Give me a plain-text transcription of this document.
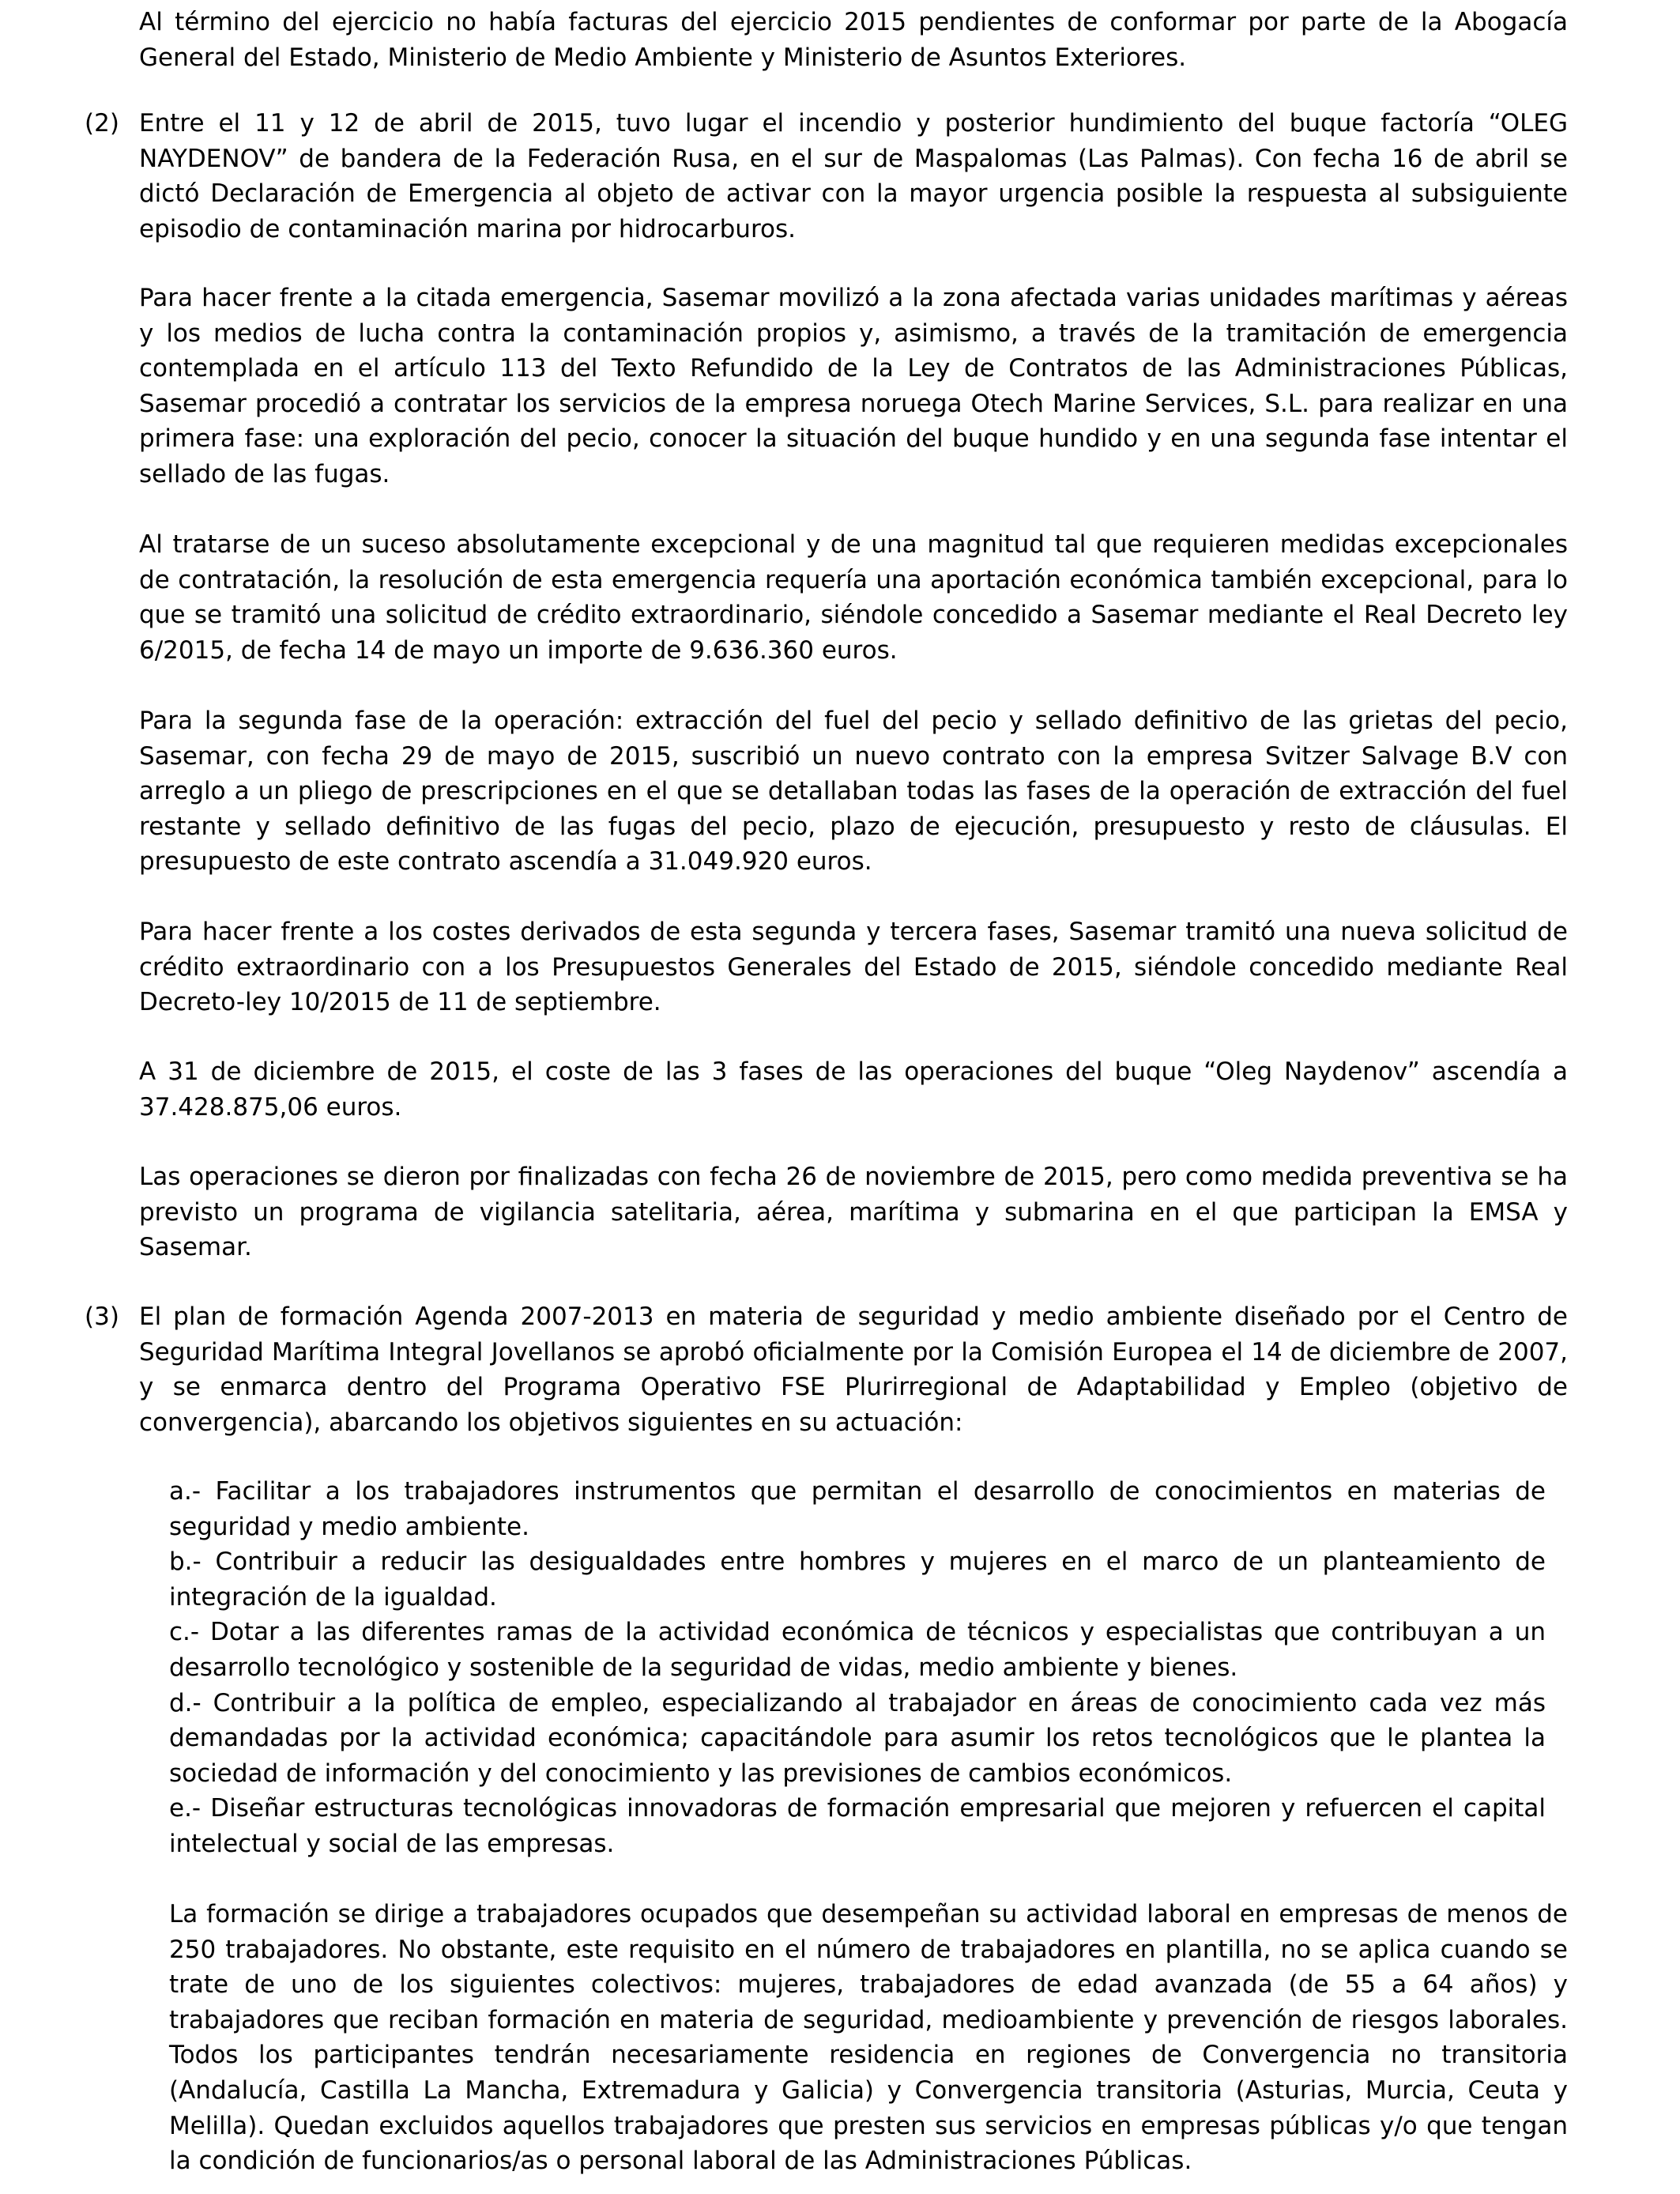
Al término del ejercicio no había facturas del ejercicio 2015 pendientes de conformar por parte de la Abogacía General del Estado, Ministerio de Medio Ambiente y Ministerio de Asuntos Exteriores.

(2) Entre el 11 y 12 de abril de 2015, tuvo lugar el incendio y posterior hundimiento del buque factoría “OLEG NAYDENOV” de bandera de la Federación Rusa, en el sur de Maspalomas (Las Palmas). Con fecha 16 de abril se dictó Declaración de Emergencia al objeto de activar con la mayor urgencia posible la respuesta al subsiguiente episodio de contaminación marina por hidrocarburos.

Para hacer frente a la citada emergencia, Sasemar movilizó a la zona afectada varias unidades marítimas y aéreas y los medios de lucha contra la contaminación propios y, asimismo, a través de la tramitación de emergencia contemplada en el artículo 113 del Texto Refundido de la Ley de Contratos de las Administraciones Públicas, Sasemar procedió a contratar los servicios de la empresa noruega Otech Marine Services, S.L. para realizar en una primera fase: una exploración del pecio, conocer la situación del buque hundido y en una segunda fase intentar el sellado de las fugas.

Al tratarse de un suceso absolutamente excepcional y de una magnitud tal que requieren medidas excepcionales de contratación, la resolución de esta emergencia requería una aportación económica también excepcional, para lo que se tramitó una solicitud de crédito extraordinario, siéndole concedido a Sasemar mediante el Real Decreto ley 6/2015, de fecha 14 de mayo un importe de 9.636.360 euros.

Para la segunda fase de la operación: extracción del fuel del pecio y sellado definitivo de las grietas del pecio, Sasemar, con fecha 29 de mayo de 2015, suscribió un nuevo contrato con la empresa Svitzer Salvage B.V con arreglo a un pliego de prescripciones en el que se detallaban todas las fases de la operación de extracción del fuel restante y sellado definitivo de las fugas del pecio, plazo de ejecución, presupuesto y resto de cláusulas. El presupuesto de este contrato ascendía a 31.049.920 euros.

Para hacer frente a los costes derivados de esta segunda y tercera fases, Sasemar tramitó una nueva solicitud de crédito extraordinario con a los Presupuestos Generales del Estado de 2015, siéndole concedido mediante Real Decreto-ley 10/2015 de 11 de septiembre.

A 31 de diciembre de 2015, el coste de las 3 fases de las operaciones del buque “Oleg Naydenov” ascendía a 37.428.875,06 euros.

Las operaciones se dieron por finalizadas con fecha 26 de noviembre de 2015, pero como medida preventiva se ha previsto un programa de vigilancia satelitaria, aérea, marítima y submarina en el que participan la EMSA y Sasemar.

(3) El plan de formación Agenda 2007-2013 en materia de seguridad y medio ambiente diseñado por el Centro de Seguridad Marítima Integral Jovellanos se aprobó oficialmente por la Comisión Europea el 14 de diciembre de 2007, y se enmarca dentro del Programa Operativo FSE Plurirregional de Adaptabilidad y Empleo (objetivo de convergencia), abarcando los objetivos siguientes en su actuación:

a.- Facilitar a los trabajadores instrumentos que permitan el desarrollo de conocimientos en materias de seguridad y medio ambiente.

b.- Contribuir a reducir las desigualdades entre hombres y mujeres en el marco de un planteamiento de integración de la igualdad.

c.- Dotar a las diferentes ramas de la actividad económica de técnicos y especialistas que contribuyan a un desarrollo tecnológico y sostenible de la seguridad de vidas, medio ambiente y bienes.

d.- Contribuir a la política de empleo, especializando al trabajador en áreas de conocimiento cada vez más demandadas por la actividad económica; capacitándole para asumir los retos tecnológicos que le plantea la sociedad de información y del conocimiento y las previsiones de cambios económicos.

e.- Diseñar estructuras tecnológicas innovadoras de formación empresarial que mejoren y refuercen el capital intelectual y social de las empresas.

La formación se dirige a trabajadores ocupados que desempeñan su actividad laboral en empresas de menos de 250 trabajadores. No obstante, este requisito en el número de trabajadores en plantilla, no se aplica cuando se trate de uno de los siguientes colectivos: mujeres, trabajadores de edad avanzada (de 55 a 64 años) y trabajadores que reciban formación en materia de seguridad, medioambiente y prevención de riesgos laborales. Todos los participantes tendrán necesariamente residencia en regiones de Convergencia no transitoria (Andalucía, Castilla La Mancha, Extremadura y Galicia) y Convergencia transitoria (Asturias, Murcia, Ceuta y Melilla). Quedan excluidos aquellos trabajadores que presten sus servicios en empresas públicas y/o que tengan la condición de funcionarios/as o personal laboral de las Administraciones Públicas.
